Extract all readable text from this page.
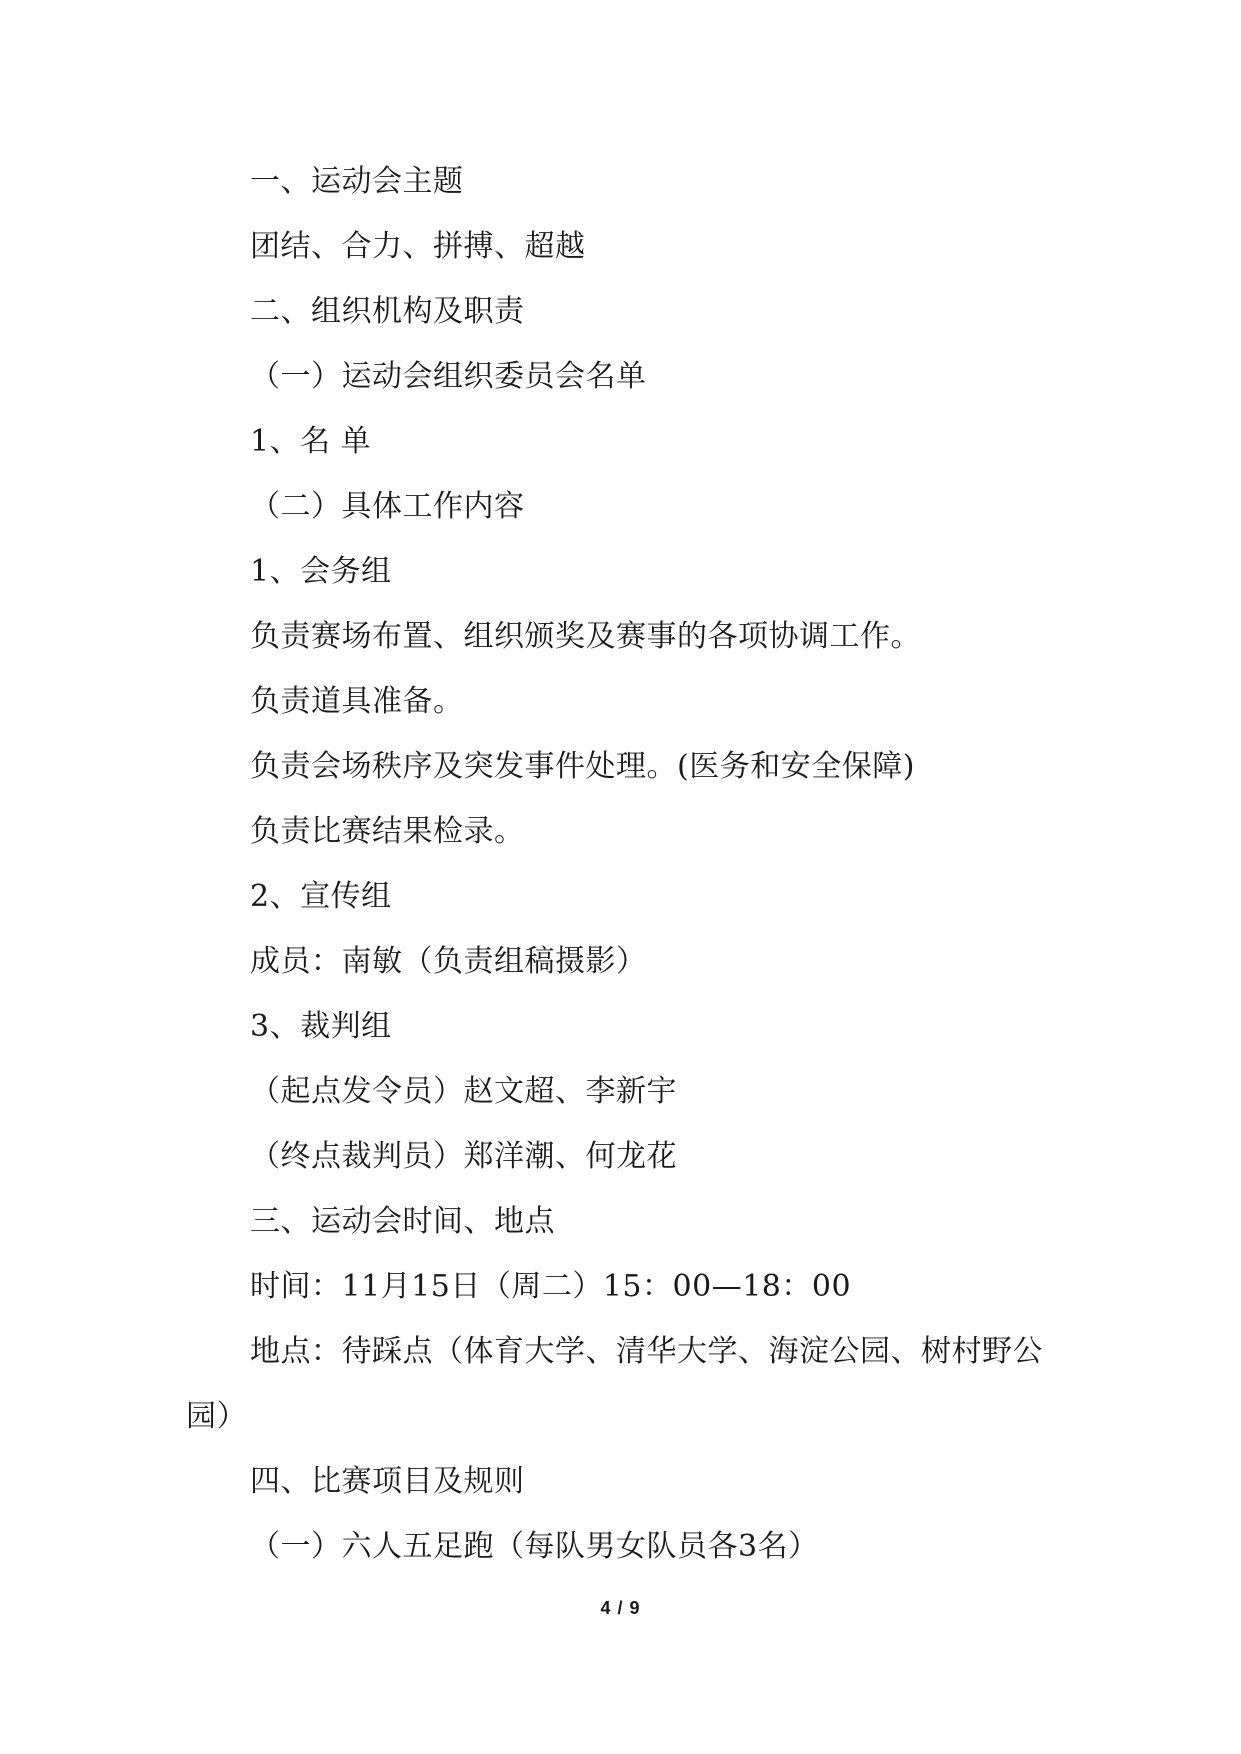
一、运动会主题
团结、合力、拼搏、超越
二、组织机构及职责
（一）运动会组织委员会名单
1、名 单
（二）具体工作内容
1、会务组
负责赛场布置、组织颁奖及赛事的各项协调工作。
负责道具准备。
负责会场秩序及突发事件处理。(医务和安全保障)
负责比赛结果检录。
2、宣传组
成员：南敏（负责组稿摄影）
3、裁判组
（起点发令员）赵文超、李新宇
（终点裁判员）郑洋潮、何龙花
三、运动会时间、地点
时间：11月15日（周二）15：00—18：00
地点：待踩点（体育大学、清华大学、海淀公园、树村野公
园）
四、比赛项目及规则
（一）六人五足跑（每队男女队员各3名）
4 / 9
